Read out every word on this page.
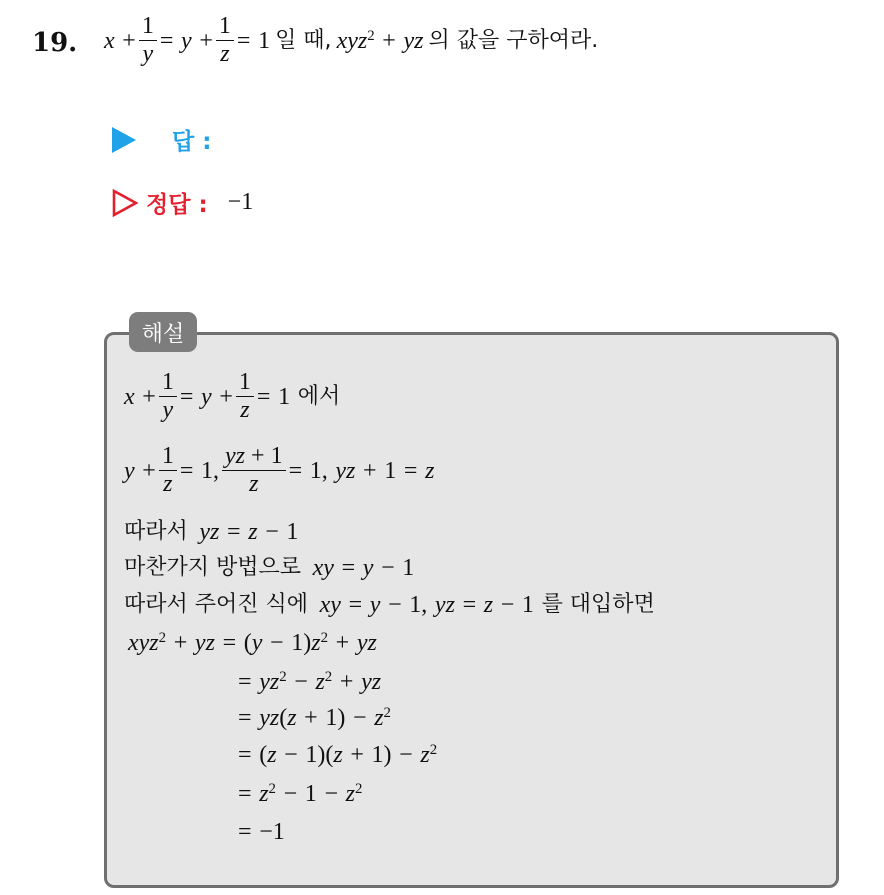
19. x
+ $\frac{1}{y}$ =
y
+ $\frac{1}{z}$ =
1 일 때, xyz$^2$
+
yz 의 값을 구하여라.
답 :
정답 : −1
해설
x
+ $\frac{1}{y}$ =
y
+ $\frac{1}{z}$ =
1
에서
y
+ $\frac{1}{z}$ =
1, $\frac{yz + 1}{z}$ =
1,
yz
+
1
=
z
따라서
yz
=
z
−
1
마찬가지 방법으로
xy
=
y
−
1
따라서 주어진 식에
xy
=
y
−
1,
yz
=
z
−
1
를 대입하면
xyz$^2$
+
yz
=
( y
−
1) $z^2$
+
yz
=
$yz^2$
−
$z^2$
+
yz
=
yz ( z
+
1)
−
$z^2$
=
( z
−
1)( z
+
1)
−
$z^2$
=
$z^2$
−
1
−
$z^2$
=
−1
